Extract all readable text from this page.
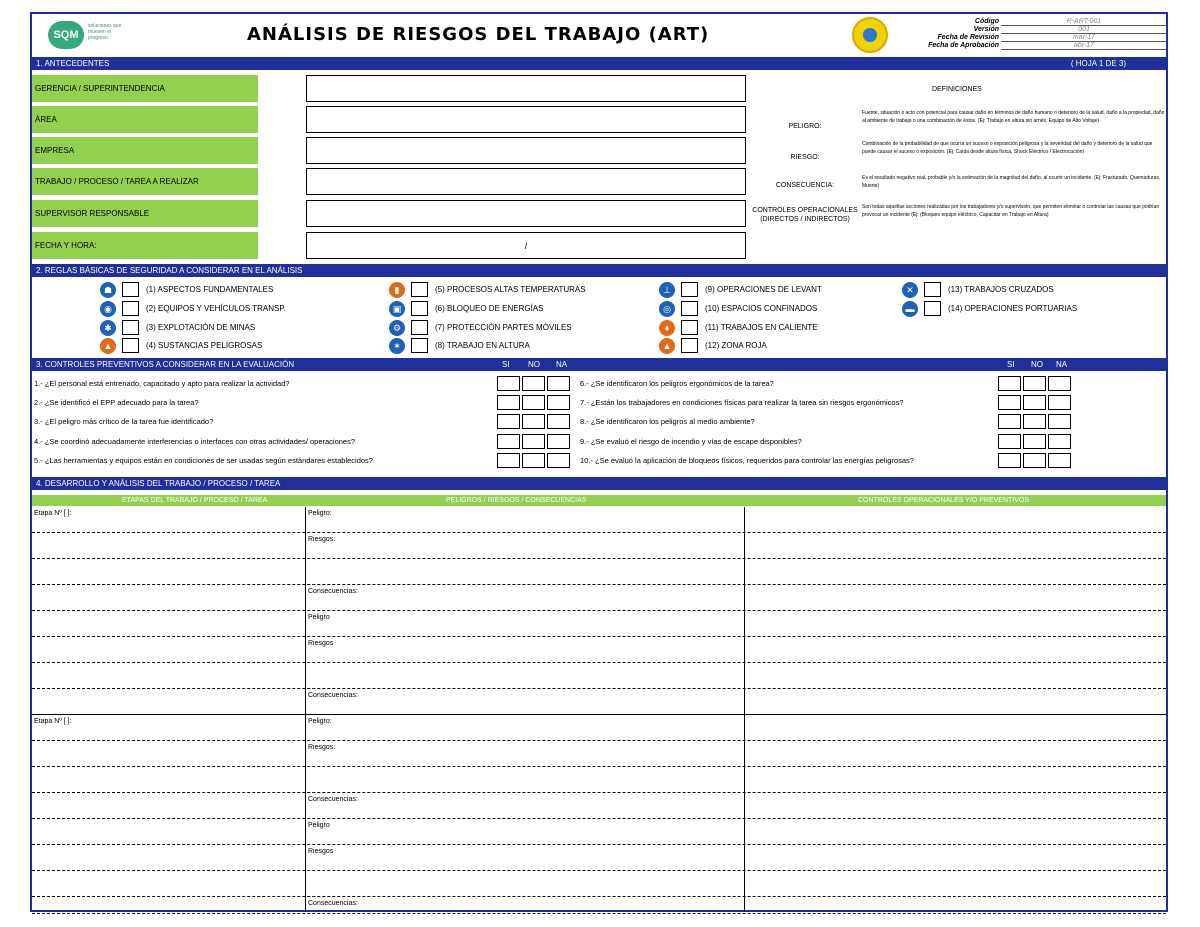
SQM
soluciones que mueven el progreso	ANÁLISIS DE RIESGOS DEL TRABAJO (ART)
Código	R-ART-001
Versión	001
Fecha de Revisión	mar-17
Fecha de Aprobación	abr-17
1. ANTECEDENTES	( HOJA 1 DE 3)
DEFINICIONES
2. REGLAS BÁSICAS DE SEGURIDAD A CONSIDERAR EN EL ANÁLISIS
3. CONTROLES PREVENTIVOS A CONSIDERAR EN LA EVALUACIÓN	SI NO NA	SI NO NA
4. DESARROLLO Y ANÁLISIS DEL TRABAJO / PROCESO / TAREA
ETAPAS DEL TRABAJO / PROCESO / TAREA	PELIGROS / RIESGOS / CONSECUENCIAS	CONTROLES OPERACIONALES Y/O PREVENTIVOS
Peligro:
Riesgos:
Consecuencias:
Peligro
Riesgos
Consecuencias:
Peligro:
Riesgos:
Consecuencias:
Peligro
Riesgos
Consecuencias:
Etapa Nº [ ]:
Etapa Nº [ ]:
GERENCIA / SUPERINTENDENCIA
ÁREA
EMPRESA
TRABAJO / PROCESO / TAREA A REALIZAR
SUPERVISOR RESPONSABLE
FECHA Y HORA:	/
PELIGRO:
Fuente, situación o acto con potencial para causar daño en términos de daño humano o deterioro de la salud, daño a la propiedad, daño al ambiente de trabajo o una combinación de éstos. (Ej: Trabajo en altura sin arnés, Equipo de Alto Voltaje)
RIESGO:
Combinación de la probabilidad de que ocurra un suceso o exposición peligrosa y la severidad del daño y deterioro de la salud que puede causar el suceso o exposición. (Ej: Caída desde altura física, Shock Eléctrico / Electrocución)
CONSECUENCIA:
Es el resultado negativo real, probable y/o la estimación de la magnitud del daño, al ocurrir un incidente. (Ej: Fracturado, Quemaduras, Muerte)
CONTROLES OPERACIONALES (DIRECTOS / INDIRECTOS)
Son todas aquellas acciones realizadas por los trabajadores y/o supervisión, que permiten eliminar o controlar las causas que podrían provocar un incidente (Ej: (Bloqueo equipo eléctrico, Capacitar en Trabajo en Altura)
☗	(1) ASPECTOS FUNDAMENTALES
◉	(2) EQUIPOS Y VEHÍCULOS TRANSP.
✱	(3) EXPLOTACIÓN DE MINAS
▲	(4) SUSTANCIAS PELIGROSAS
▮	(5) PROCESOS ALTAS TEMPERATURAS
▣	(6) BLOQUEO DE ENERGÍAS
⚙	(7) PROTECCIÓN PARTES MÓVILES
✶	(8) TRABAJO EN ALTURA
⊥	(9) OPERACIONES DE LEVANT
◎	(10) ESPACIOS CONFINADOS
♦	(11) TRABAJOS EN CALIENTE
▲	(12) ZONA ROJA
✕	(13) TRABAJOS CRUZADOS
▬	(14) OPERACIONES PORTUARIAS
1.- ¿El personal está entrenado, capacitado y apto para realizar la actividad?
2.- ¿Se identificó el EPP adecuado para la tarea?
3.- ¿El peligro más crítico de la tarea fue identificado?
4.- ¿Se coordinó adecuadamente interferencias o interfaces con otras actividades/ operaciones?
5.- ¿Las herramientas y equipos están en condiciones de ser usadas según estándares establecidos?
6.- ¿Se identificaron los peligros ergonómicos de la tarea?
7.- ¿Están los trabajadores en condiciones físicas para realizar la tarea sin riesgos ergonómicos?
8.- ¿Se identificaron los peligros al medio ambiente?
9.- ¿Se evaluó el riesgo de incendio y vías de escape disponibles?
10.- ¿Se evaluó la aplicación de bloqueos físicos, requeridos para controlar las energías peligrosas?
